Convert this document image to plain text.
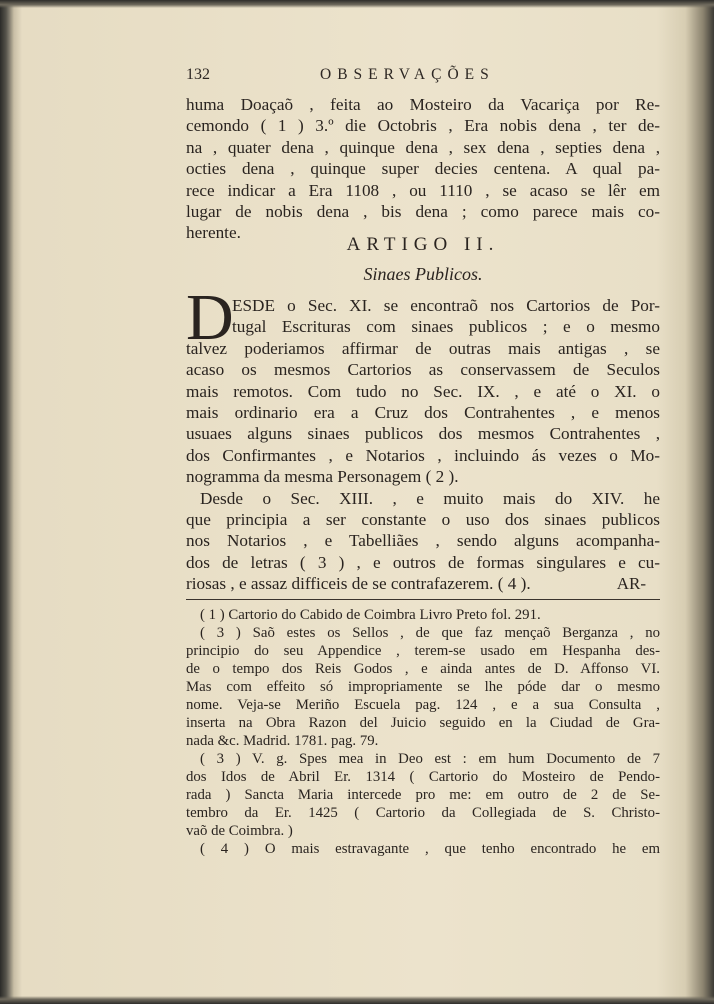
132	OBSERVAÇÕES
huma Doaçaõ , feita ao Mosteiro da Vacariça por Re-
cemondo ( 1 ) 3.º die Octobris , Era nobis dena , ter de-
na , quater dena , quinque dena , sex dena , septies dena ,
octies dena , quinque super decies centena. A qual pa-
rece indicar a Era 1108 , ou 1110 , se acaso se lêr em
lugar de nobis dena , bis dena ; como parece mais co-
herente.
ARTIGO II.
Sinaes Publicos.
D
ESDE o Sec. XI. se encontraõ nos Cartorios de Por-
tugal Escrituras com sinaes publicos ; e o mesmo
talvez poderiamos affirmar de outras mais antigas , se
acaso os mesmos Cartorios as conservassem de Seculos
mais remotos. Com tudo no Sec. IX. , e até o XI. o
mais ordinario era a Cruz dos Contrahentes , e menos
usuaes alguns sinaes publicos dos mesmos Contrahentes ,
dos Confirmantes , e Notarios , incluindo ás vezes o Mo-
nogramma da mesma Personagem ( 2 ).
Desde o Sec. XIII. , e muito mais do XIV. he
que principia a ser constante o uso dos sinaes publicos
nos Notarios , e Tabelliães , sendo alguns acompanha-
dos de letras ( 3 ) , e outros de formas singulares e cu-
riosas , e assaz difficeis de se contrafazerem. ( 4 ).	AR-
( 1 ) Cartorio do Cabido de Coimbra Livro Preto fol. 291.
( 3 ) Saõ estes os Sellos , de que faz mençaõ Berganza , no
principio do seu Appendice , terem-se usado em Hespanha des-
de o tempo dos Reis Godos , e ainda antes de D. Affonso VI.
Mas com effeito só impropriamente se lhe póde dar o mesmo
nome. Veja-se Meriño Escuela pag. 124 , e a sua Consulta ,
inserta na Obra Razon del Juicio seguido en la Ciudad de Gra-
nada &c. Madrid. 1781. pag. 79.
( 3 ) V. g. Spes mea in Deo est : em hum Documento de 7
dos Idos de Abril Er. 1314 ( Cartorio do Mosteiro de Pendo-
rada ) Sancta Maria intercede pro me: em outro de 2 de Se-
tembro da Er. 1425 ( Cartorio da Collegiada de S. Christo-
vaõ de Coimbra. )
( 4 ) O mais estravagante , que tenho encontrado he em
